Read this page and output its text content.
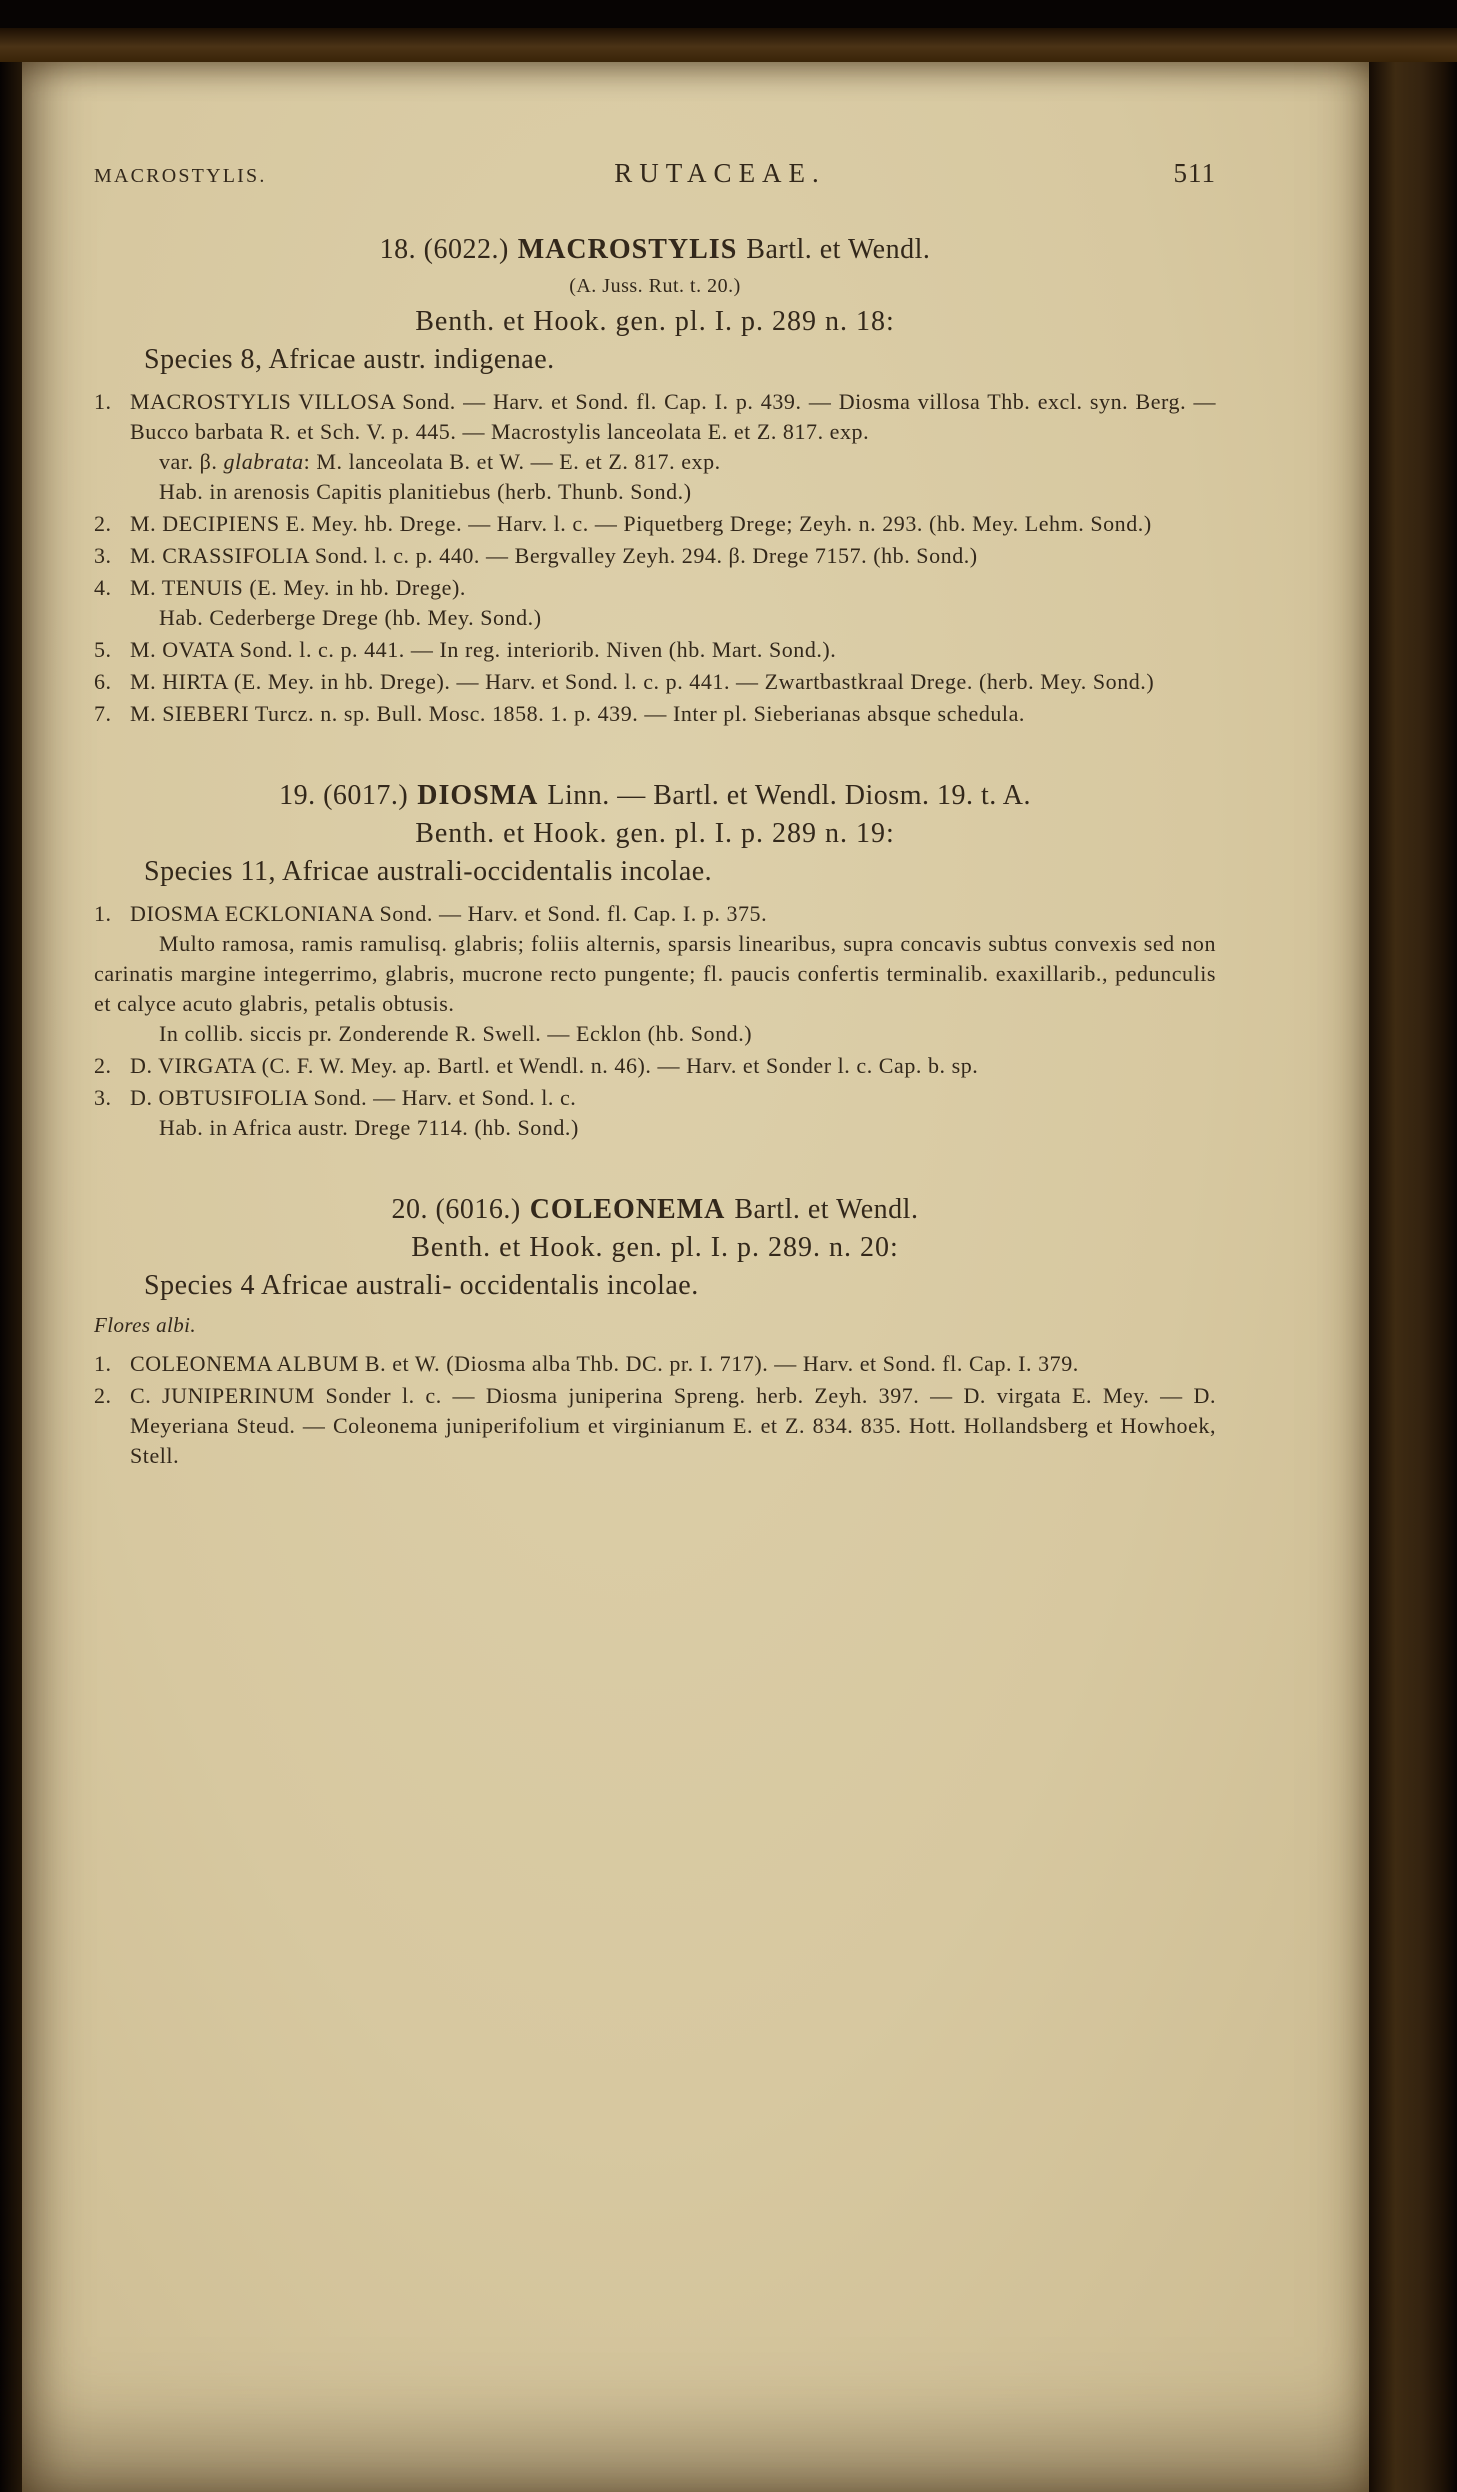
MACROSTYLIS.	RUTACEAE.	511
18. (6022.) MACROSTYLIS Bartl. et Wendl.
(A. Juss. Rut. t. 20.)
Benth. et Hook. gen. pl. I. p. 289 n. 18:
Species 8, Africae austr. indigenae.
1. MACROSTYLIS VILLOSA Sond. — Harv. et Sond. fl. Cap. I. p. 439. — Diosma villosa Thb. excl. syn. Berg. — Bucco barbata R. et Sch. V. p. 445. — Macrostylis lanceolata E. et Z. 817. exp.

var. β. glabrata: M. lanceolata B. et W. — E. et Z. 817. exp.

Hab. in arenosis Capitis planitiebus (herb. Thunb. Sond.)

2. M. DECIPIENS E. Mey. hb. Drege. — Harv. l. c. — Piquetberg Drege; Zeyh. n. 293. (hb. Mey. Lehm. Sond.)

3. M. CRASSIFOLIA Sond. l. c. p. 440. — Bergvalley Zeyh. 294. β. Drege 7157. (hb. Sond.)

4. M. TENUIS (E. Mey. in hb. Drege).

Hab. Cederberge Drege (hb. Mey. Sond.)

5. M. OVATA Sond. l. c. p. 441. — In reg. interiorib. Niven (hb. Mart. Sond.).

6. M. HIRTA (E. Mey. in hb. Drege). — Harv. et Sond. l. c. p. 441. — Zwartbastkraal Drege. (herb. Mey. Sond.)

7. M. SIEBERI Turcz. n. sp. Bull. Mosc. 1858. 1. p. 439. — Inter pl. Sieberianas absque schedula.

19. (6017.) DIOSMA Linn. — Bartl. et Wendl. Diosm. 19. t. A.
Benth. et Hook. gen. pl. I. p. 289 n. 19:
Species 11, Africae australi-occidentalis incolae.
1. DIOSMA ECKLONIANA Sond. — Harv. et Sond. fl. Cap. I. p. 375.

Multo ramosa, ramis ramulisq. glabris; foliis alternis, sparsis linearibus, supra concavis subtus convexis sed non carinatis margine integerrimo, glabris, mucrone recto pungente; fl. paucis confertis terminalib. exaxillarib., pedunculis et calyce acuto glabris, petalis obtusis.

In collib. siccis pr. Zonderende R. Swell. — Ecklon (hb. Sond.)

2. D. VIRGATA (C. F. W. Mey. ap. Bartl. et Wendl. n. 46). — Harv. et Sonder l. c. Cap. b. sp.

3. D. OBTUSIFOLIA Sond. — Harv. et Sond. l. c.

Hab. in Africa austr. Drege 7114. (hb. Sond.)

20. (6016.) COLEONEMA Bartl. et Wendl.
Benth. et Hook. gen. pl. I. p. 289. n. 20:
Species 4 Africae australi- occidentalis incolae.
Flores albi.
1. COLEONEMA ALBUM B. et W. (Diosma alba Thb. DC. pr. I. 717). — Harv. et Sond. fl. Cap. I. 379.

2. C. JUNIPERINUM Sonder l. c. — Diosma juniperina Spreng. herb. Zeyh. 397. — D. virgata E. Mey. — D. Meyeriana Steud. — Coleonema juniperifolium et virginianum E. et Z. 834. 835. Hott. Hollandsberg et Howhoek, Stell.
